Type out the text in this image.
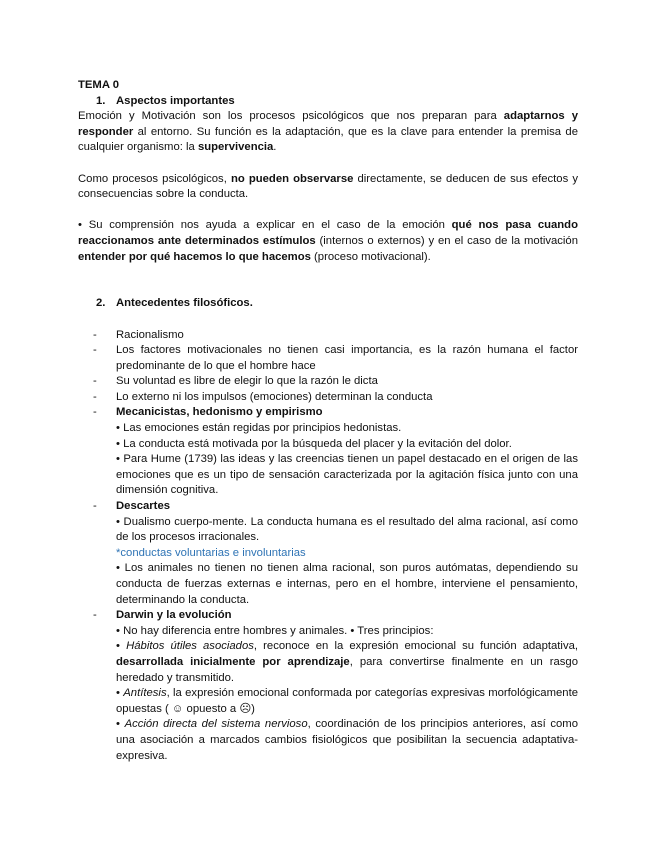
TEMA 0

1. Aspectos importantes

Emoción y Motivación son los procesos psicológicos que nos preparan para adaptarnos y responder al entorno. Su función es la adaptación, que es la clave para entender la premisa de cualquier organismo: la supervivencia.

Como procesos psicológicos, no pueden observarse directamente, se deducen de sus efectos y consecuencias sobre la conducta.

• Su comprensión nos ayuda a explicar en el caso de la emoción qué nos pasa cuando reaccionamos ante determinados estímulos (internos o externos) y en el caso de la motivación entender por qué hacemos lo que hacemos (proceso motivacional).

2. Antecedentes filosóficos.

- Racionalismo
- Los factores motivacionales no tienen casi importancia, es la razón humana el factor predominante de lo que el hombre hace
- Su voluntad es libre de elegir lo que la razón le dicta
- Lo externo ni los impulsos (emociones) determinan la conducta
- Mecanicistas, hedonismo y empirismo
• Las emociones están regidas por principios hedonistas.
• La conducta está motivada por la búsqueda del placer y la evitación del dolor.
• Para Hume (1739) las ideas y las creencias tienen un papel destacado en el origen de las emociones que es un tipo de sensación caracterizada por la agitación física junto con una dimensión cognitiva.
- Descartes
• Dualismo cuerpo-mente. La conducta humana es el resultado del alma racional, así como de los procesos irracionales.
*conductas voluntarias e involuntarias
• Los animales no tienen no tienen alma racional, son puros autómatas, dependiendo su conducta de fuerzas externas e internas, pero en el hombre, interviene el pensamiento, determinando la conducta.
- Darwin y la evolución
• No hay diferencia entre hombres y animales. • Tres principios:
• Hábitos útiles asociados, reconoce en la expresión emocional su función adaptativa, desarrollada inicialmente por aprendizaje, para convertirse finalmente en un rasgo heredado y transmitido.
• Antítesis, la expresión emocional conformada por categorías expresivas morfológicamente opuestas ( ☺ opuesto a ☹)
• Acción directa del sistema nervioso, coordinación de los principios anteriores, así como una asociación a marcados cambios fisiológicos que posibilitan la secuencia adaptativa-expresiva.
